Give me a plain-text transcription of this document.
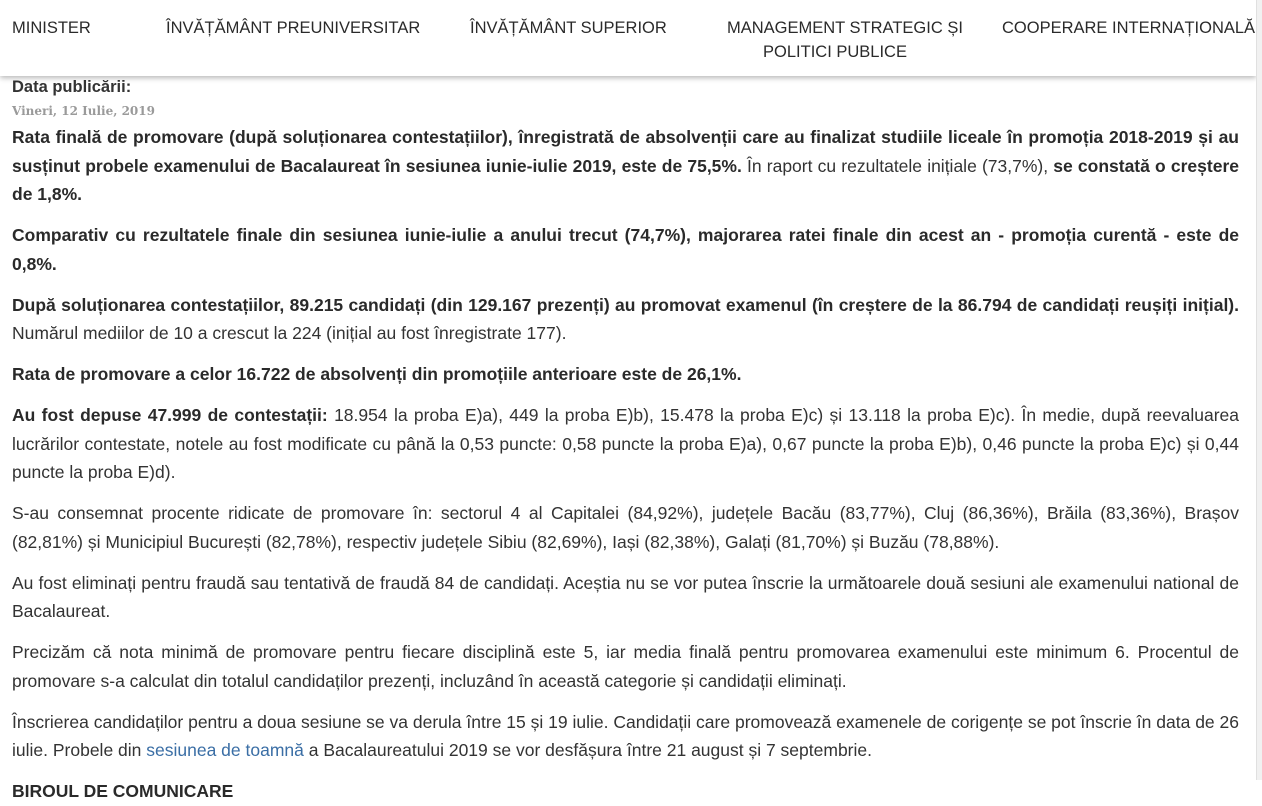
MINISTER	ÎNVĂȚĂMÂNT PREUNIVERSITAR	ÎNVĂȚĂMÂNT SUPERIOR	MANAGEMENT STRATEGIC ȘI
POLITICI PUBLICE
COOPERARE INTERNAȚIONALĂ
Data publicării:
Vineri, 12 Iulie, 2019

Rata finală de promovare (după soluționarea contestațiilor), înregistrată de absolvenții care au finalizat studiile liceale în promoția 2018-2019 și au susținut probele examenului de Bacalaureat în sesiunea iunie-iulie 2019, este de 75,5%. În raport cu rezultatele inițiale (73,7%), se constată o creștere de 1,8%.

Comparativ cu rezultatele finale din sesiunea iunie-iulie a anului trecut (74,7%), majorarea ratei finale din acest an - promoția curentă - este de 0,8%.

După soluționarea contestațiilor, 89.215 candidați (din 129.167 prezenți) au promovat examenul (în creștere de la 86.794 de candidați reușiți inițial). Numărul mediilor de 10 a crescut la 224 (inițial au fost înregistrate 177).

Rata de promovare a celor 16.722 de absolvenți din promoțiile anterioare este de 26,1%.

Au fost depuse 47.999 de contestații: 18.954 la proba E)a), 449 la proba E)b), 15.478 la proba E)c) și 13.118 la proba E)c). În medie, după reevaluarea lucrărilor contestate, notele au fost modificate cu până la 0,53 puncte: 0,58 puncte la proba E)a), 0,67 puncte la proba E)b), 0,46 puncte la proba E)c) și 0,44 puncte la proba E)d).

S-au consemnat procente ridicate de promovare în: sectorul 4 al Capitalei (84,92%), județele Bacău (83,77%), Cluj (86,36%), Brăila (83,36%), Brașov (82,81%) și Municipiul București (82,78%), respectiv județele Sibiu (82,69%), Iași (82,38%), Galați (81,70%) și Buzău (78,88%).

Au fost eliminați pentru fraudă sau tentativă de fraudă 84 de candidați. Aceștia nu se vor putea înscrie la următoarele două sesiuni ale examenului national de Bacalaureat.

Precizăm că nota minimă de promovare pentru fiecare disciplină este 5, iar media finală pentru promovarea examenului este minimum 6. Procentul de promovare s-a calculat din totalul candidaților prezenți, incluzând în această categorie și candidații eliminați.

Înscrierea candidaților pentru a doua sesiune se va derula între 15 și 19 iulie. Candidații care promovează examenele de corigențe se pot înscrie în data de 26 iulie. Probele din sesiunea de toamnă a Bacalaureatului 2019 se vor desfășura între 21 august și 7 septembrie.

BIROUL DE COMUNICARE
